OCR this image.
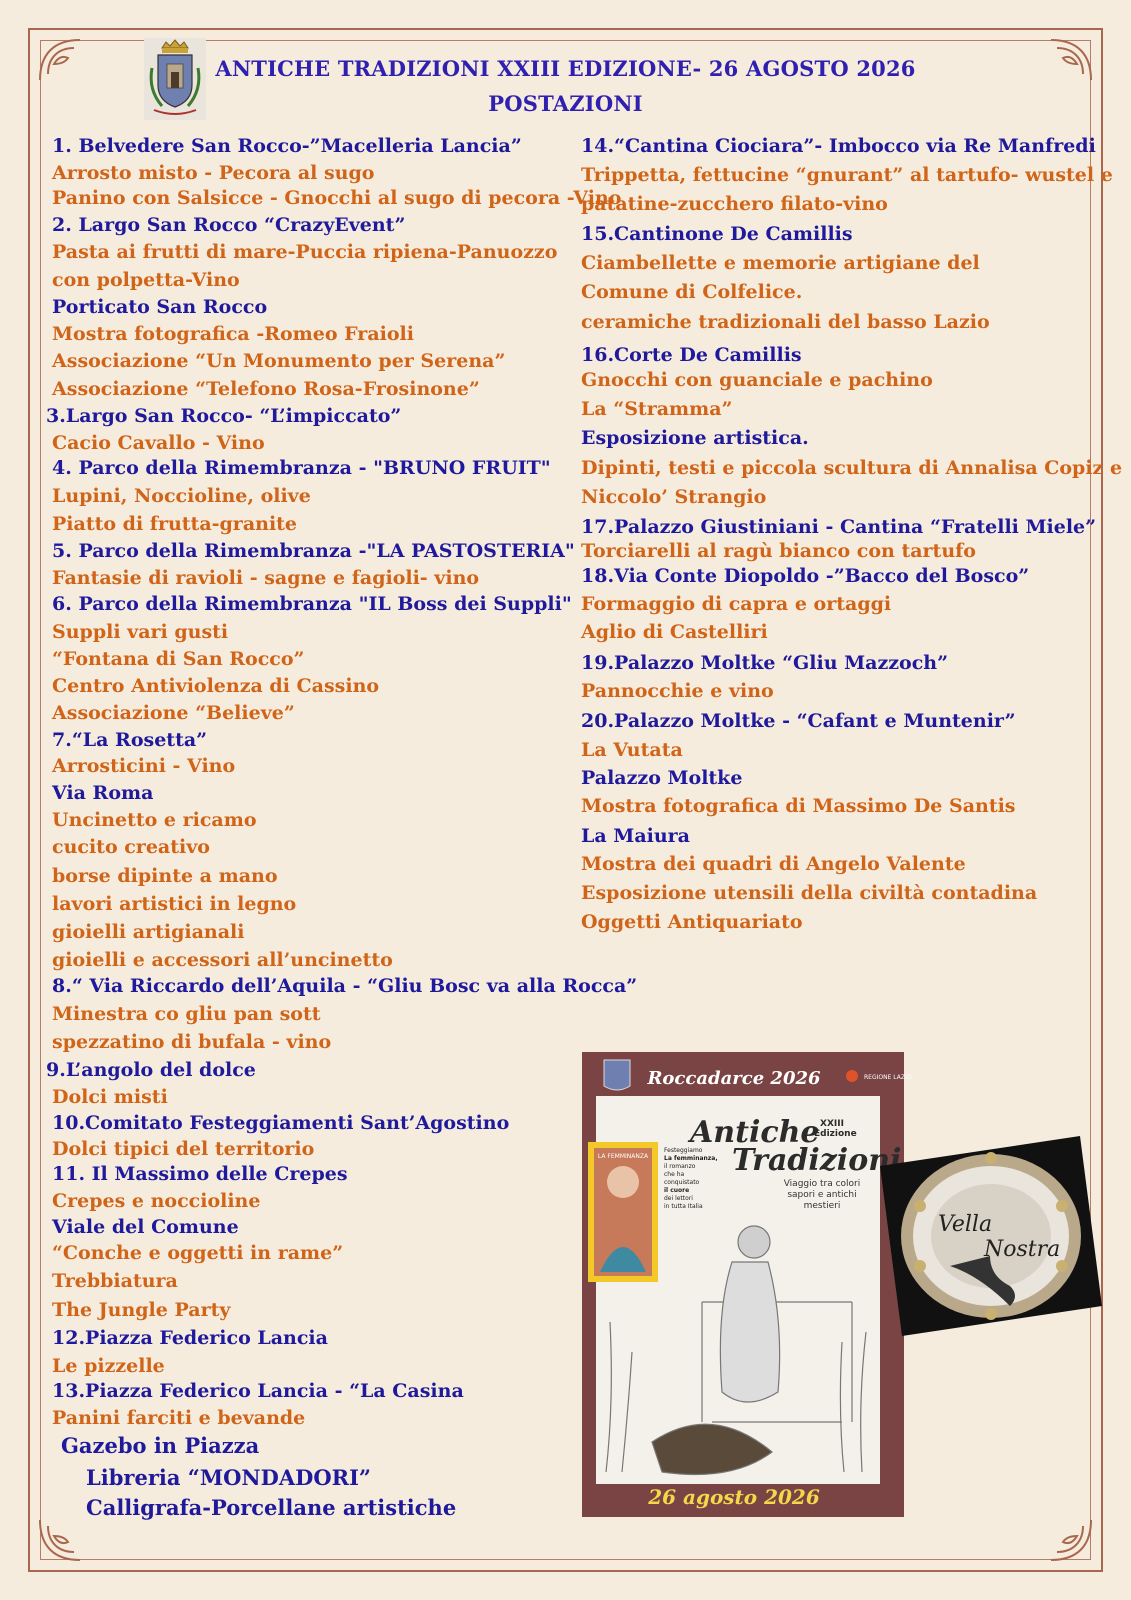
ANTICHE TRADIZIONI XXIII EDIZIONE- 26 AGOSTO 2026
POSTAZIONI
1. Belvedere San Rocco-”Macelleria Lancia”
Arrosto misto - Pecora al sugo
Panino con Salsicce - Gnocchi al sugo di pecora -Vino
2. Largo San Rocco “CrazyEvent”
Pasta ai frutti di mare-Puccia ripiena-Panuozzo
con polpetta-Vino
Porticato San Rocco
Mostra fotografica -Romeo Fraioli
Associazione “Un Monumento per Serena”
Associazione “Telefono Rosa-Frosinone”
3.Largo San Rocco- “L’impiccato”
Cacio Cavallo - Vino
4. Parco della Rimembranza - "BRUNO FRUIT"
Lupini, Noccioline, olive
Piatto di frutta-granite
5. Parco della Rimembranza -"LA PASTOSTERIA"
Fantasie di ravioli - sagne e fagioli- vino
6. Parco della Rimembranza "IL Boss dei Suppli"
Suppli vari gusti
“Fontana di San Rocco”
Centro Antiviolenza di Cassino
Associazione “Believe”
7.“La Rosetta”
Arrosticini - Vino
Via Roma
Uncinetto e ricamo
cucito creativo
borse dipinte a mano
lavori artistici in legno
gioielli artigianali
gioielli e accessori all’uncinetto
8.“ Via Riccardo dell’Aquila - “Gliu Bosc va alla Rocca”
Minestra co gliu pan sott
spezzatino di bufala - vino
9.L’angolo del dolce
Dolci misti
10.Comitato Festeggiamenti Sant’Agostino
Dolci tipici del territorio
11. Il Massimo delle Crepes
Crepes e noccioline
Viale del Comune
“Conche e oggetti in rame”
Trebbiatura
The Jungle Party
12.Piazza Federico Lancia
Le pizzelle
13.Piazza Federico Lancia - “La Casina
Panini farciti e bevande
Gazebo in Piazza
Libreria “MONDADORI”
Calligrafa-Porcellane artistiche
14.“Cantina Ciociara”- Imbocco via Re Manfredi
Trippetta, fettucine “gnurant” al tartufo- wustel e
patatine-zucchero filato-vino
15.Cantinone De Camillis
Ciambellette e memorie artigiane del
Comune di Colfelice.
ceramiche tradizionali del basso Lazio
16.Corte De Camillis
Gnocchi con guanciale e pachino
La “Stramma”
Esposizione artistica.
Dipinti, testi e piccola scultura di Annalisa Copiz e
Niccolo’ Strangio
17.Palazzo Giustiniani - Cantina “Fratelli Miele”
Torciarelli al ragù bianco con tartufo
18.Via Conte Diopoldo -”Bacco del Bosco”
Formaggio di capra e ortaggi
Aglio di Castelliri
19.Palazzo Moltke “Gliu Mazzoch”
Pannocchie e vino
20.Palazzo Moltke - “Cafant e Muntenir”
La Vutata
Palazzo Moltke
Mostra fotografica di Massimo De Santis
La Maiura
Mostra dei quadri di Angelo Valente
Esposizione utensili della civiltà contadina
Oggetti Antiquariato
Roccadarce 2026	REGIONE LAZIO
LA FEMMINANZA
Festeggiamo
La femminanza,
il romanzo
che ha
conquistato
il cuore
dei lettori
in tutta Italia
Antiche XXIII
Edizione
Tradizioni
Viaggio tra colori
sapori e antichi
mestieri
26 agosto 2026
Vella
Nostra
